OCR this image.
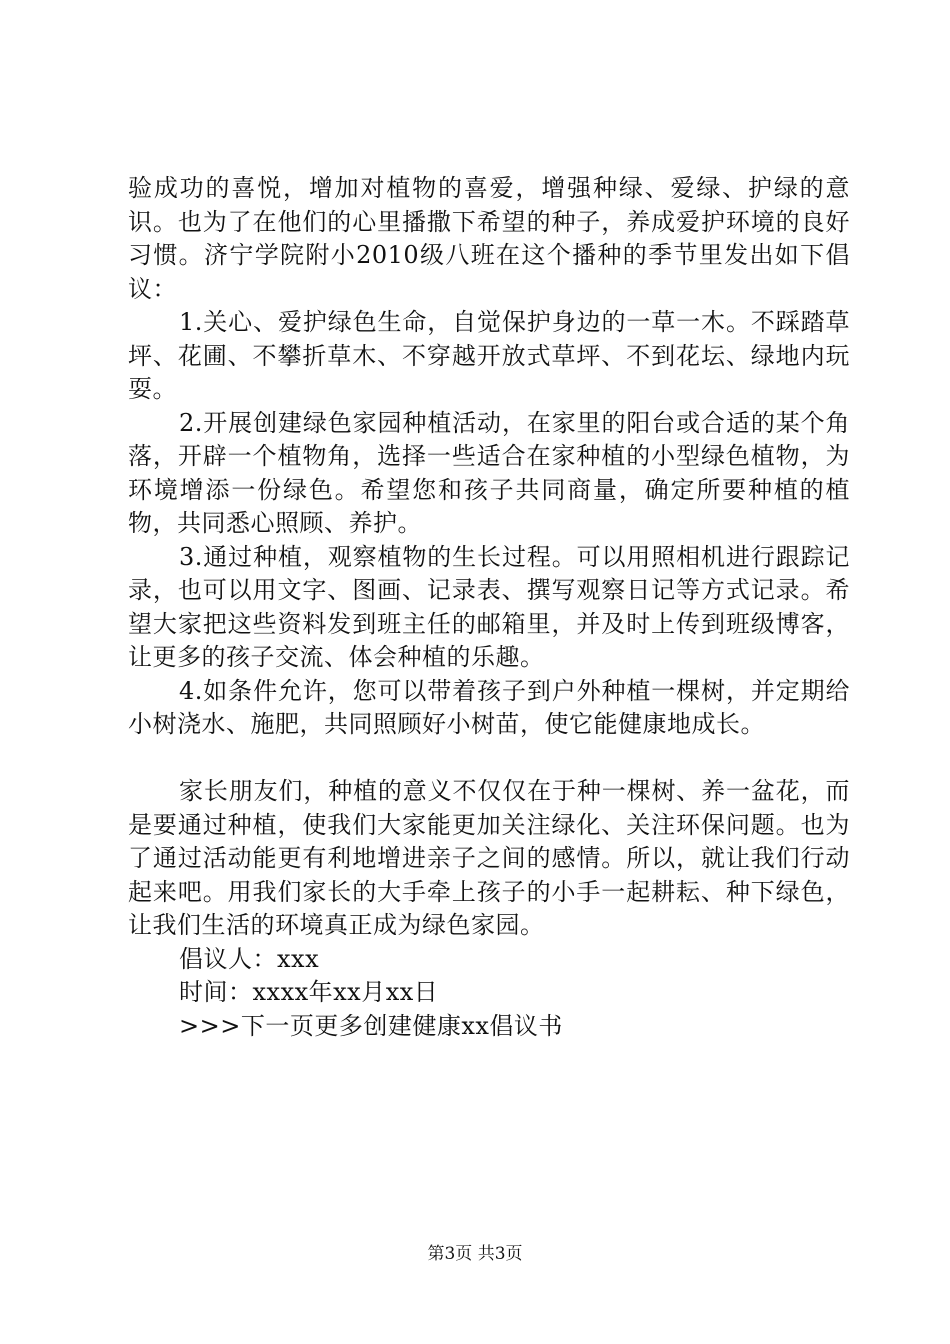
验成功的喜悦，增加对植物的喜爱，增强种绿、爱绿、护绿的意识。也为了在他们的心里播撒下希望的种子，养成爱护环境的良好习惯。济宁学院附小2010级八班在这个播种的季节里发出如下倡议：

1.关心、爱护绿色生命，自觉保护身边的一草一木。不踩踏草坪、花圃、不攀折草木、不穿越开放式草坪、不到花坛、绿地内玩耍。

2.开展创建绿色家园种植活动，在家里的阳台或合适的某个角落，开辟一个植物角，选择一些适合在家种植的小型绿色植物，为环境增添一份绿色。希望您和孩子共同商量，确定所要种植的植物，共同悉心照顾、养护。

3.通过种植，观察植物的生长过程。可以用照相机进行跟踪记录，也可以用文字、图画、记录表、撰写观察日记等方式记录。希望大家把这些资料发到班主任的邮箱里，并及时上传到班级博客，让更多的孩子交流、体会种植的乐趣。

4.如条件允许，您可以带着孩子到户外种植一棵树，并定期给小树浇水、施肥，共同照顾好小树苗，使它能健康地成长。

家长朋友们，种植的意义不仅仅在于种一棵树、养一盆花，而是要通过种植，使我们大家能更加关注绿化、关注环保问题。也为了通过活动能更有利地增进亲子之间的感情。所以，就让我们行动起来吧。用我们家长的大手牵上孩子的小手一起耕耘、种下绿色，让我们生活的环境真正成为绿色家园。

倡议人：xxx

时间：xxxx年xx月xx日

>>>下一页更多创建健康xx倡议书

第3页 共3页
